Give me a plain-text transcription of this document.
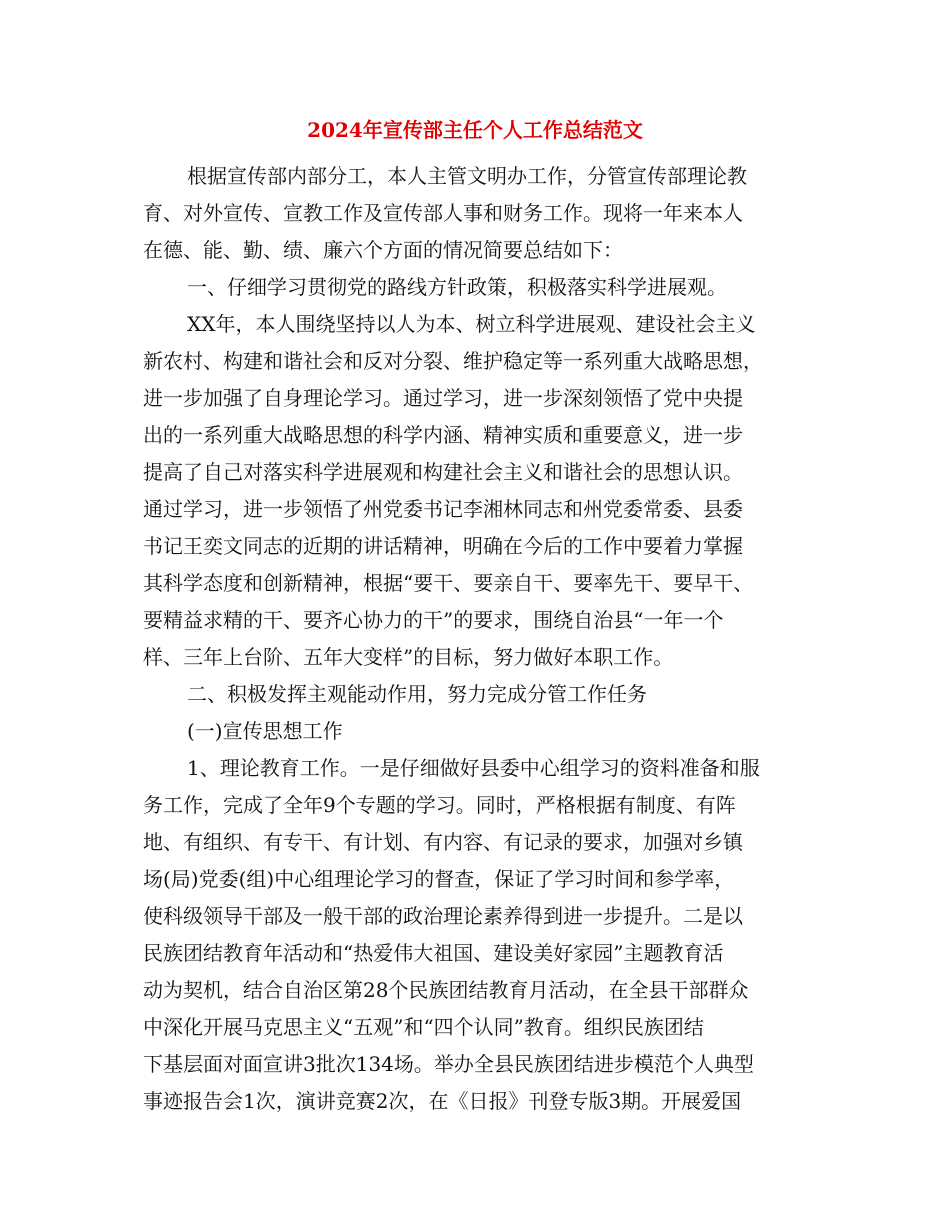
2024年宣传部主任个人工作总结范文
根据宣传部内部分工，本人主管文明办工作，分管宣传部理论教
育、对外宣传、宣教工作及宣传部人事和财务工作。现将一年来本人
在德、能、勤、绩、廉六个方面的情况简要总结如下：
一、仔细学习贯彻党的路线方针政策，积极落实科学进展观。
XX年，本人围绕坚持以人为本、树立科学进展观、建设社会主义
新农村、构建和谐社会和反对分裂、维护稳定等一系列重大战略思想，
进一步加强了自身理论学习。通过学习，进一步深刻领悟了党中央提
出的一系列重大战略思想的科学内涵、精神实质和重要意义，进一步
提高了自己对落实科学进展观和构建社会主义和谐社会的思想认识。
通过学习，进一步领悟了州党委书记李湘林同志和州党委常委、县委
书记王奕文同志的近期的讲话精神，明确在今后的工作中要着力掌握
其科学态度和创新精神，根据“要干、要亲自干、要率先干、要早干、
要精益求精的干、要齐心协力的干”的要求，围绕自治县“一年一个
样、三年上台阶、五年大变样”的目标，努力做好本职工作。
二、积极发挥主观能动作用，努力完成分管工作任务
(一)宣传思想工作
1、理论教育工作。一是仔细做好县委中心组学习的资料准备和服
务工作，完成了全年9个专题的学习。同时，严格根据有制度、有阵
地、有组织、有专干、有计划、有内容、有记录的要求，加强对乡镇
场(局)党委(组)中心组理论学习的督查，保证了学习时间和参学率，
使科级领导干部及一般干部的政治理论素养得到进一步提升。二是以
民族团结教育年活动和“热爱伟大祖国、建设美好家园”主题教育活
动为契机，结合自治区第28个民族团结教育月活动，在全县干部群众
中深化开展马克思主义“五观”和“四个认同”教育。组织民族团结
下基层面对面宣讲3批次134场。举办全县民族团结进步模范个人典型
事迹报告会1次，演讲竞赛2次，在《日报》刊登专版3期。开展爱国
